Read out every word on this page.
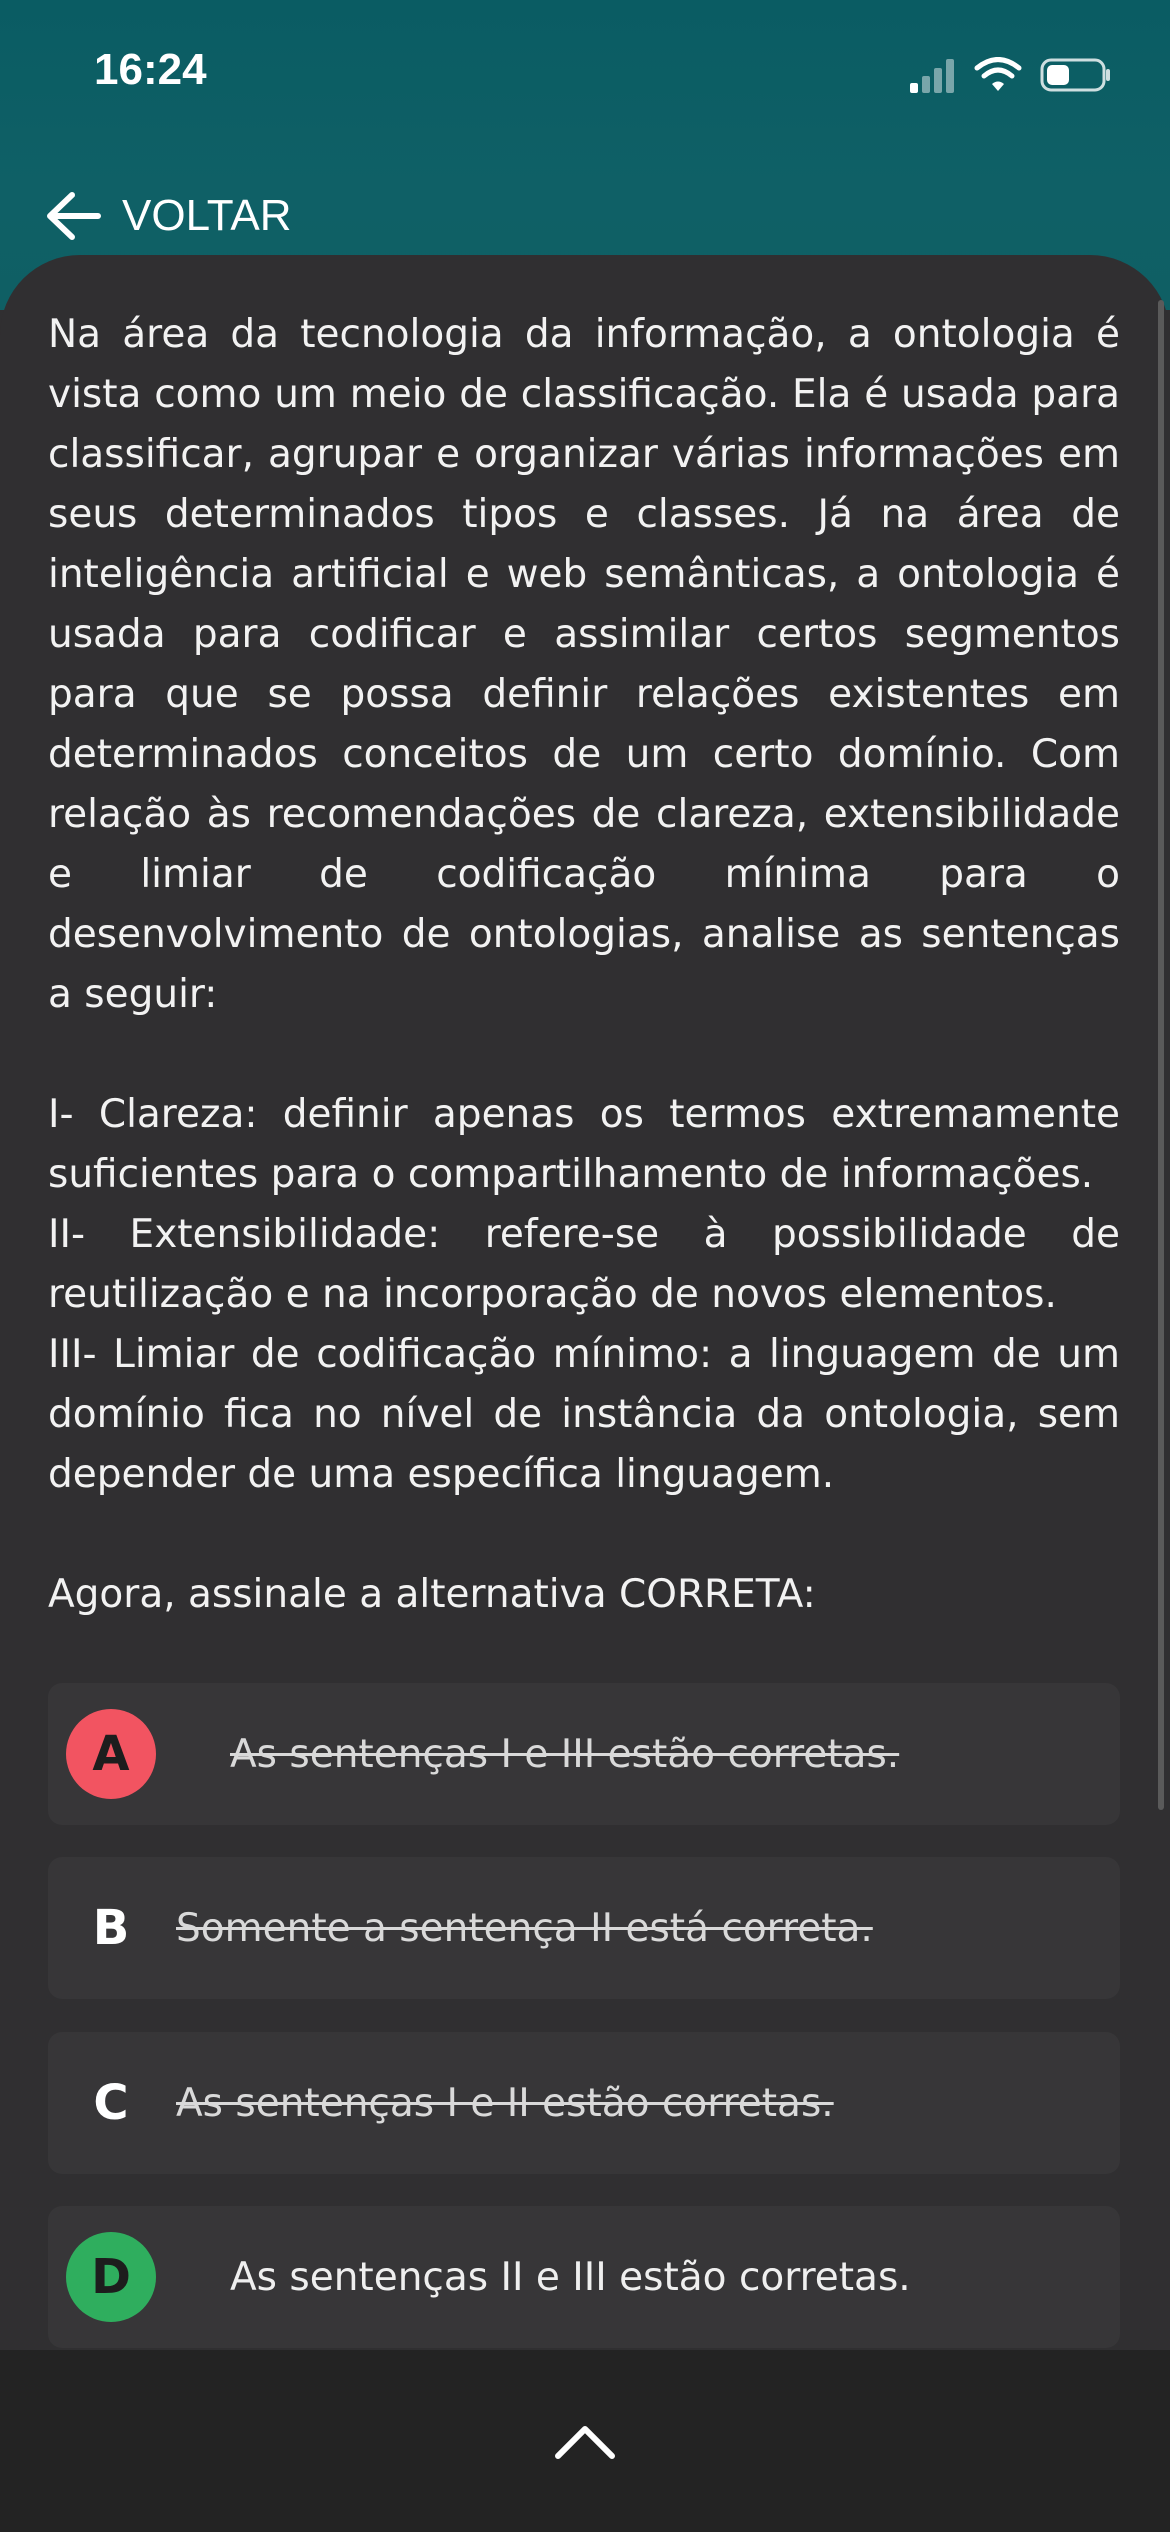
16:24
VOLTAR

Na área da tecnologia da informação, a ontologia é vista como um meio de classificação. Ela é usada para classificar, agrupar e organizar várias informações em seus determinados tipos e classes. Já na área de inteligência artificial e web semânticas, a ontologia é usada para codificar e assimilar certos segmentos para que se possa definir relações existentes em determinados conceitos de um certo domínio. Com relação às recomendações de clareza, extensibilidade e limiar de codificação mínima para o desenvolvimento de ontologias, analise as sentenças a seguir:

I- Clareza: definir apenas os termos extremamente suficientes para o compartilhamento de informações.

II- Extensibilidade: refere-se à possibilidade de reutilização e na incorporação de novos elementos.

III- Limiar de codificação mínimo: a linguagem de um domínio fica no nível de instância da ontologia, sem depender de uma específica linguagem.

Agora, assinale a alternativa CORRETA:

A	As sentenças I e III estão corretas.
B	Somente a sentença II está correta.
C	As sentenças I e II estão corretas.
D	As sentenças II e III estão corretas.
